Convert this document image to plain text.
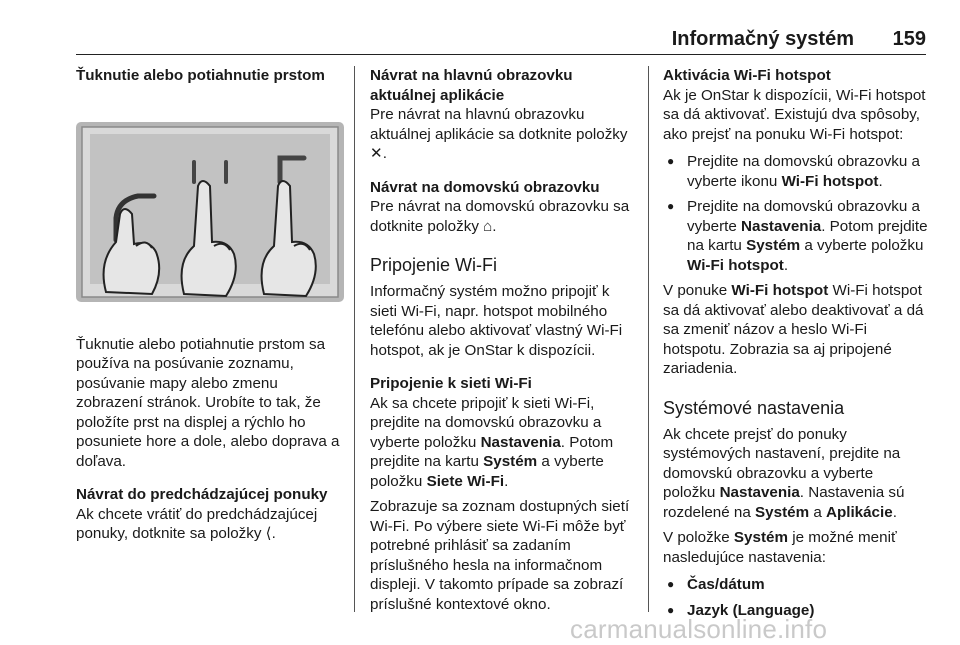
Informačný systém 159

Ťuknutie alebo potiahnutie prstom

Ťuknutie alebo potiahnutie prstom sa používa na posúvanie zoznamu, posúvanie mapy alebo zmenu zobrazení stránok. Urobíte to tak, že položíte prst na displej a rýchlo ho posuniete hore a dole, alebo doprava a doľava.

Návrat do predchádzajúcej ponuky

Ak chcete vrátiť do predchádzajúcej ponuky, dotknite sa položky ⟨.

Návrat na hlavnú obrazovku aktuálnej aplikácie

Pre návrat na hlavnú obrazovku aktuálnej aplikácie sa dotknite položky ✕.

Návrat na domovskú obrazovku

Pre návrat na domovskú obrazovku sa dotknite položky ⌂.

Pripojenie Wi-Fi

Informačný systém možno pripojiť k sieti Wi-Fi, napr. hotspot mobilného telefónu alebo aktivovať vlastný Wi-Fi hotspot, ak je OnStar k dispozícii.

Pripojenie k sieti Wi-Fi

Ak sa chcete pripojiť k sieti Wi-Fi, prejdite na domovskú obrazovku a vyberte položku Nastavenia. Potom prejdite na kartu Systém a vyberte položku Siete Wi-Fi.

Zobrazuje sa zoznam dostupných sietí Wi-Fi. Po výbere siete Wi-Fi môže byť potrebné prihlásiť sa zadaním príslušného hesla na informačnom displeji. V takomto prípade sa zobrazí príslušné kontextové okno.

Aktivácia Wi-Fi hotspot

Ak je OnStar k dispozícii, Wi-Fi hotspot sa dá aktivovať. Existujú dva spôsoby, ako prejsť na ponuku Wi-Fi hotspot:

● Prejdite na domovskú obrazovku a vyberte ikonu Wi-Fi hotspot.
● Prejdite na domovskú obrazovku a vyberte Nastavenia. Potom prejdite na kartu Systém a vyberte položku Wi-Fi hotspot.

V ponuke Wi-Fi hotspot Wi-Fi hotspot sa dá aktivovať alebo deaktivovať a dá sa zmeniť názov a heslo Wi-Fi hotspotu. Zobrazia sa aj pripojené zariadenia.

Systémové nastavenia

Ak chcete prejsť do ponuky systémových nastavení, prejdite na domovskú obrazovku a vyberte položku Nastavenia. Nastavenia sú rozdelené na Systém a Aplikácie.

V položke Systém je možné meniť nasledujúce nastavenia:

● Čas/dátum
● Jazyk (Language)
carmanualsonline.info
